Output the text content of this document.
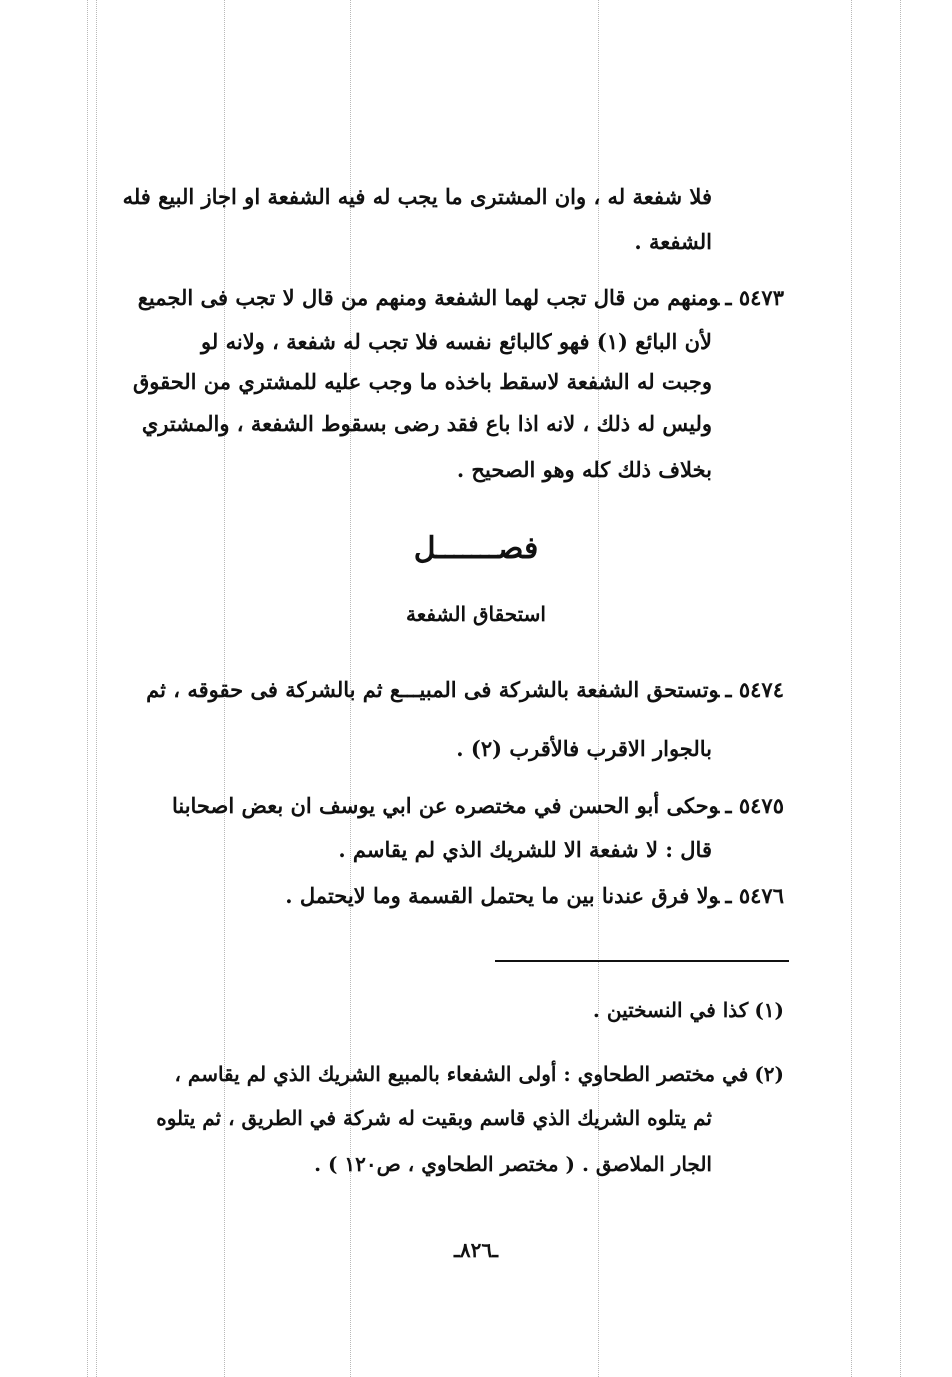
فلا شفعة له ، وان المشترى ما يجب له فيه الشفعة او اجاز البيع فله
الشفعة .
٥٤٧٣ ـومنهم من قال تجب لهما الشفعة ومنهم من قال لا تجب فى الجميع
لأن البائع (١) فهو كالبائع نفسه فلا تجب له شفعة ، ولانه لو
وجبت له الشفعة لاسقط باخذه ما وجب عليه للمشتري من الحقوق
وليس له ذلك ، لانه اذا باع فقد رضى بسقوط الشفعة ، والمشتري
بخلاف ذلك كله وهو الصحيح .
فصـــــــل
استحقاق الشفعة
٥٤٧٤ ـوتستحق الشفعة بالشركة فى المبيـــع ثم بالشركة فى حقوقه ، ثم
بالجوار الاقرب فالأقرب (٢) .
٥٤٧٥ ـوحكى أبو الحسن في مختصره عن ابي يوسف ان بعض اصحابنا
قال : لا شفعة الا للشريك الذي لم يقاسم .
٥٤٧٦ ـولا فرق عندنا بين ما يحتمل القسمة وما لايحتمل .
(١)كذا في النسختين .
(٢)في مختصر الطحاوي : أولى الشفعاء بالمبيع الشريك الذي لم يقاسم ،
ثم يتلوه الشريك الذي قاسم وبقيت له شركة في الطريق ، ثم يتلوه
الجار الملاصق . ( مختصر الطحاوي ، ص١٢٠ ) .
ـ٨٢٦ـ
